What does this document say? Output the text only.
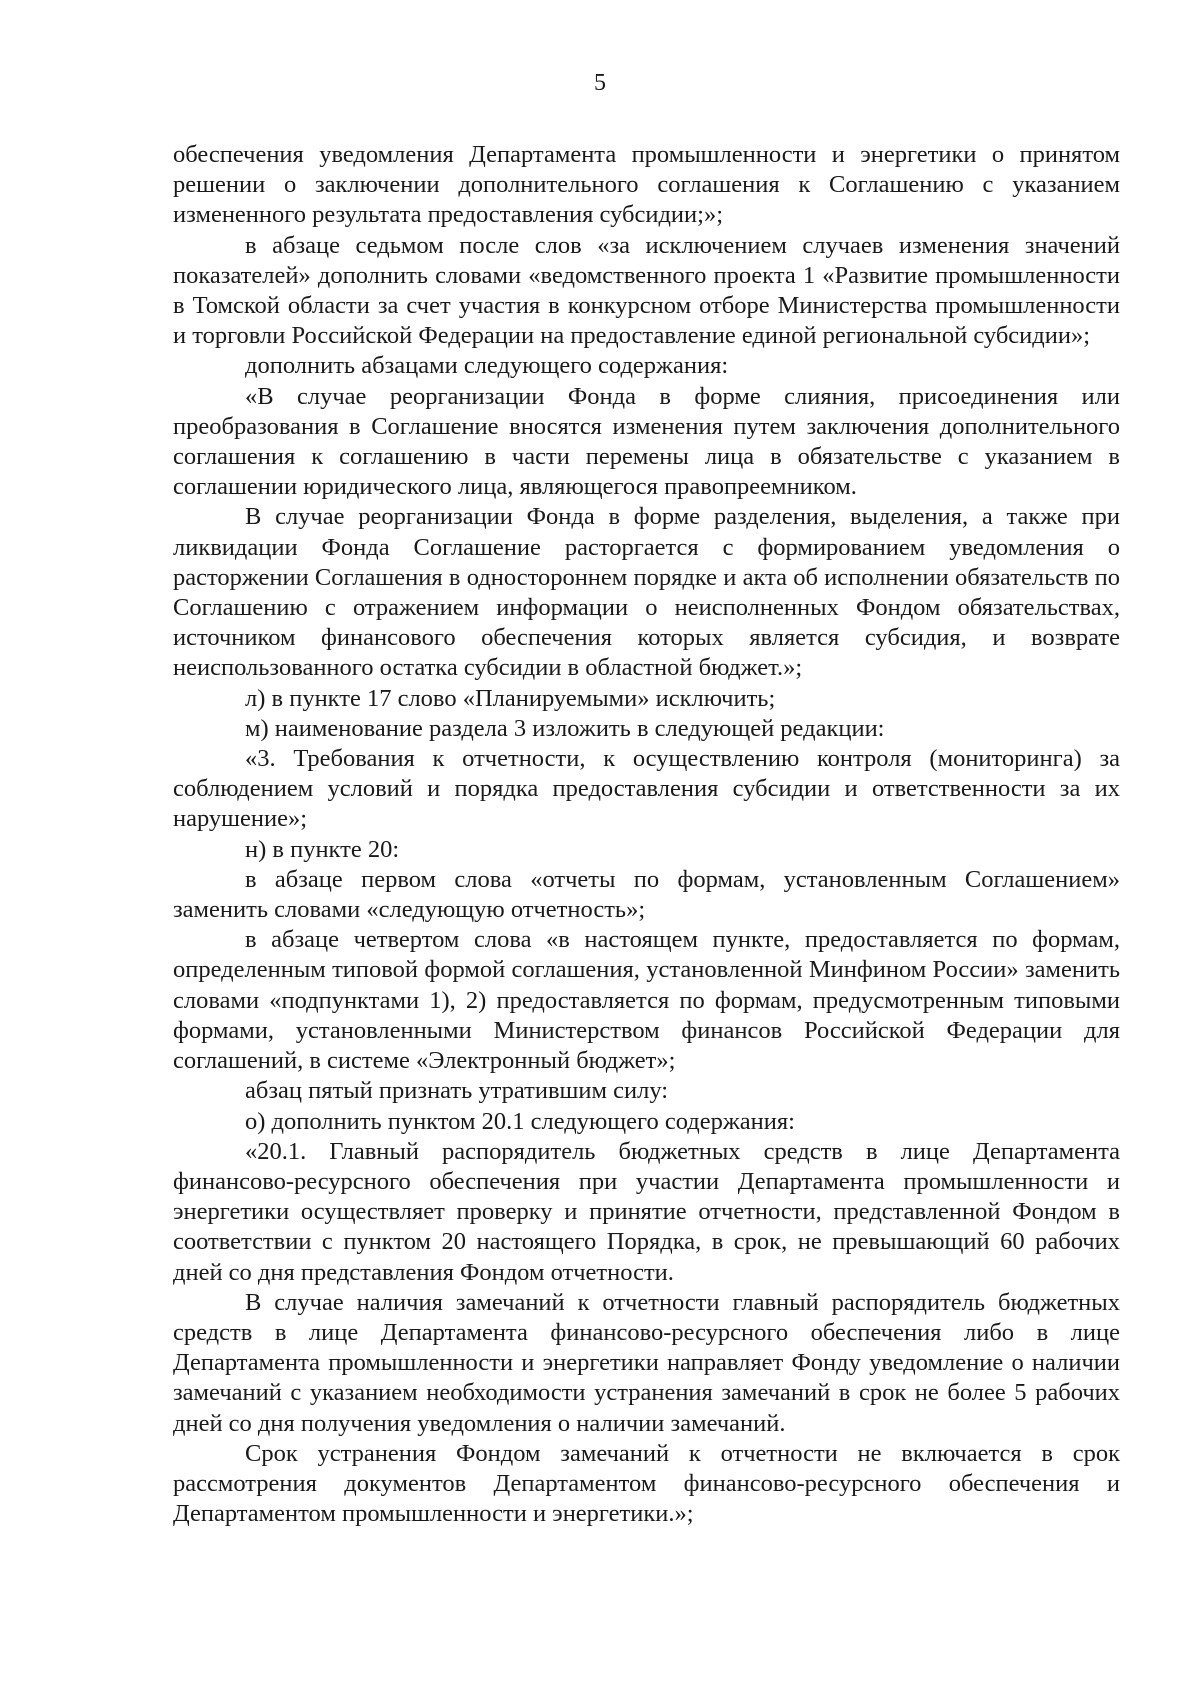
5

обеспечения уведомления Департамента промышленности и энергетики о принятом решении о заключении дополнительного соглашения к Соглашению с указанием измененного результата предоставления субсидии;»;

в абзаце седьмом после слов «за исключением случаев изменения значений показателей» дополнить словами «ведомственного проекта 1 «Развитие промышленности в Томской области за счет участия в конкурсном отборе Министерства промышленности и торговли Российской Федерации на предоставление единой региональной субсидии»;

дополнить абзацами следующего содержания:

«В случае реорганизации Фонда в форме слияния, присоединения или преобразования в Соглашение вносятся изменения путем заключения дополнительного соглашения к соглашению в части перемены лица в обязательстве с указанием в соглашении юридического лица, являющегося правопреемником.

В случае реорганизации Фонда в форме разделения, выделения, а также при ликвидации Фонда Соглашение расторгается с формированием уведомления о расторжении Соглашения в одностороннем порядке и акта об исполнении обязательств по Соглашению с отражением информации о неисполненных Фондом обязательствах, источником финансового обеспечения которых является субсидия, и возврате неиспользованного остатка субсидии в областной бюджет.»;

л) в пункте 17 слово «Планируемыми» исключить;

м) наименование раздела 3 изложить в следующей редакции:

«3. Требования к отчетности, к осуществлению контроля (мониторинга) за соблюдением условий и порядка предоставления субсидии и ответственности за их нарушение»;

н) в пункте 20:

в абзаце первом слова «отчеты по формам, установленным Соглашением» заменить словами «следующую отчетность»;

в абзаце четвертом слова «в настоящем пункте, предоставляется по формам, определенным типовой формой соглашения, установленной Минфином России» заменить словами «подпунктами 1), 2) предоставляется по формам, предусмотренным типовыми формами, установленными Министерством финансов Российской Федерации для соглашений, в системе «Электронный бюджет»;

абзац пятый признать утратившим силу:

о) дополнить пунктом 20.1 следующего содержания:

«20.1. Главный распорядитель бюджетных средств в лице Департамента финансово-ресурсного обеспечения при участии Департамента промышленности и энергетики осуществляет проверку и принятие отчетности, представленной Фондом в соответствии с пунктом 20 настоящего Порядка, в срок, не превышающий 60 рабочих дней со дня представления Фондом отчетности.

В случае наличия замечаний к отчетности главный распорядитель бюджетных средств в лице Департамента финансово-ресурсного обеспечения либо в лице Департамента промышленности и энергетики направляет Фонду уведомление о наличии замечаний с указанием необходимости устранения замечаний в срок не более 5 рабочих дней со дня получения уведомления о наличии замечаний.

Срок устранения Фондом замечаний к отчетности не включается в срок рассмотрения документов Департаментом финансово-ресурсного обеспечения и Департаментом промышленности и энергетики.»;
